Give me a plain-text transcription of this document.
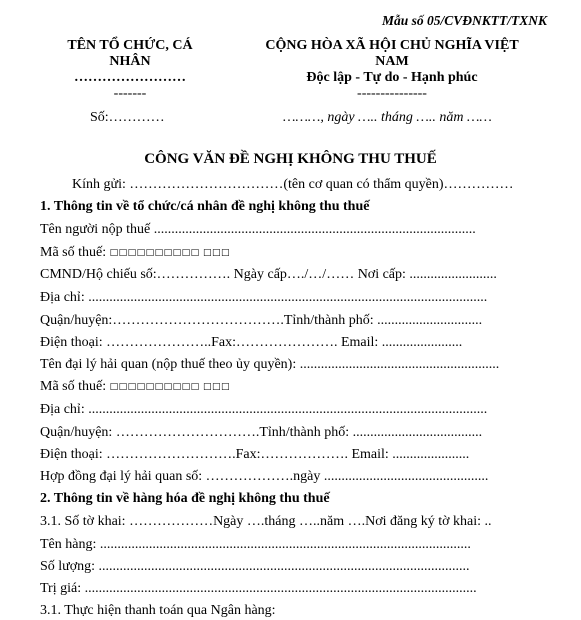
Mẫu số 05/CVĐNKTT/TXNK
TÊN TỔ CHỨC, CÁ
NHÂN
……………………
-------
CỘNG HÒA XÃ HỘI CHỦ NGHĨA VIỆT
NAM
Độc lập - Tự do - Hạnh phúc
---------------
Số:…………	………, ngày ….. tháng ….. năm ……
CÔNG VĂN ĐỀ NGHỊ KHÔNG THU THUẾ
Kính gửi: ……………………………(tên cơ quan có thẩm quyền)……………
1. Thông tin về tổ chức/cá nhân đề nghị không thu thuế
Tên người nộp thuế ............................................................................................
Mã số thuế: □□□□□□□□□□ □□□
CMND/Hộ chiếu số:……………. Ngày cấp…./…/…… Nơi cấp: .........................
Địa chỉ: ..................................................................................................................
Quận/huyện:……………………………….Tỉnh/thành phố: ..............................
Điện thoại: …………………..Fax:…………………. Email: .......................
Tên đại lý hải quan (nộp thuế theo ủy quyền): .........................................................
Mã số thuế: □□□□□□□□□□ □□□
Địa chỉ: ..................................................................................................................
Quận/huyện: ………………………….Tỉnh/thành phố: .....................................
Điện thoại: ……………………….Fax:………………. Email: ......................
Hợp đồng đại lý hải quan số: ……………….ngày ...............................................
2. Thông tin về hàng hóa đề nghị không thu thuế
3.1. Số tờ khai: ………………Ngày ….tháng …..năm ….Nơi đăng ký tờ khai: ..
Tên hàng: ..........................................................................................................
Số lượng: ..........................................................................................................
Trị giá: ................................................................................................................
3.1. Thực hiện thanh toán qua Ngân hàng:
